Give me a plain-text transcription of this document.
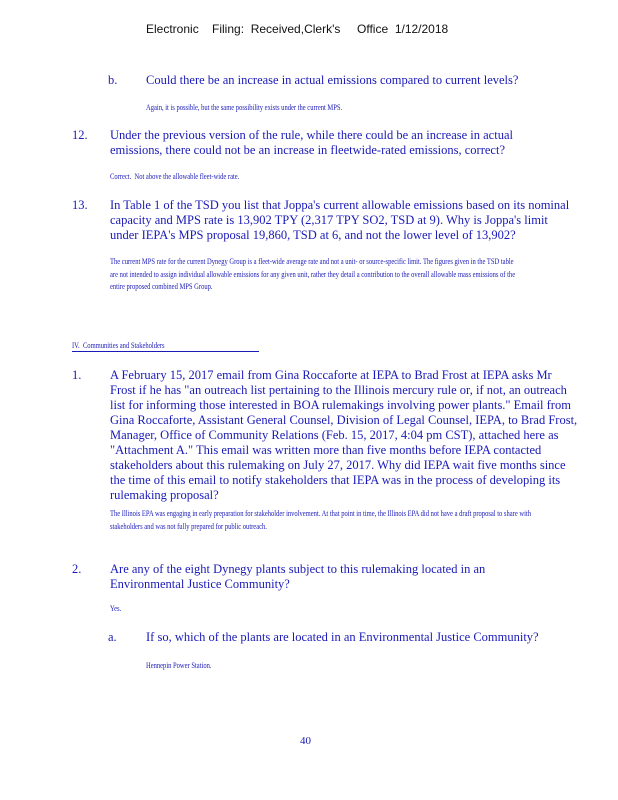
Electronic    Filing:  Received,Clerk's     Office  1/12/2018
b. Could there be an increase in actual emissions compared to current levels?
Again, it is possible, but the same possibility exists under the current MPS.
12. Under the previous version of the rule, while there could be an increase in actual emissions, there could not be an increase in fleetwide-rated emissions, correct?
Correct.  Not above the allowable fleet-wide rate.
13. In Table 1 of the TSD you list that Joppa's current allowable emissions based on its nominal capacity and MPS rate is 13,902 TPY (2,317 TPY SO2, TSD at 9). Why is Joppa's limit under IEPA's MPS proposal 19,860, TSD at 6, and not the lower level of 13,902?
The current MPS rate for the current Dynegy Group is a fleet-wide average rate and not a unit- or source-specific limit. The figures given in the TSD table are not intended to assign individual allowable emissions for any given unit, rather they detail a contribution to the overall allowable mass emissions of the entire proposed combined MPS Group.
IV.  Communities and Stakeholders
1. A February 15, 2017 email from Gina Roccaforte at IEPA to Brad Frost at IEPA asks Mr Frost if he has "an outreach list pertaining to the Illinois mercury rule or, if not, an outreach list for informing those interested in BOA rulemakings involving power plants." Email from Gina Roccaforte, Assistant General Counsel, Division of Legal Counsel, IEPA, to Brad Frost, Manager, Office of Community Relations (Feb. 15, 2017, 4:04 pm CST), attached here as "Attachment A." This email was written more than five months before IEPA contacted stakeholders about this rulemaking on July 27, 2017. Why did IEPA wait five months since the time of this email to notify stakeholders that IEPA was in the process of developing its rulemaking proposal?
The Illinois EPA was engaging in early preparation for stakeholder involvement. At that point in time, the Illinois EPA did not have a draft proposal to share with stakeholders and was not fully prepared for public outreach.
2. Are any of the eight Dynegy plants subject to this rulemaking located in an Environmental Justice Community?
Yes.
a. If so, which of the plants are located in an Environmental Justice Community?
Hennepin Power Station.
40
